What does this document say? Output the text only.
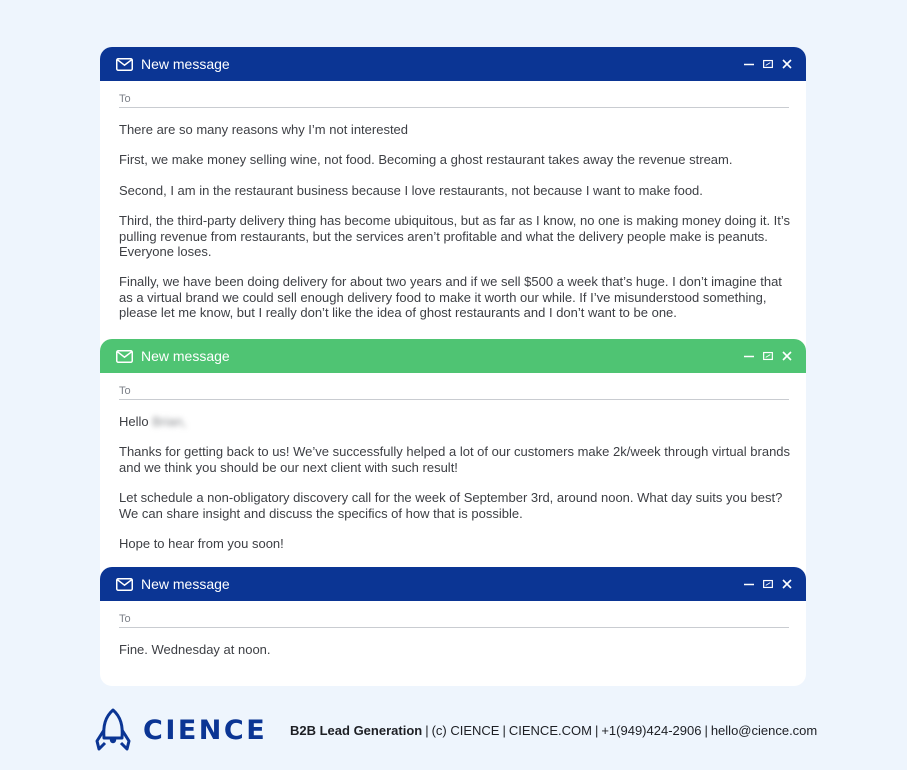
New message
To

There are so many reasons why I’m not interested

First, we make money selling wine, not food. Becoming a ghost restaurant takes away the revenue stream.

Second, I am in the restaurant business because I love restaurants, not because I want to make food.

Third, the third-party delivery thing has become ubiquitous, but as far as I know, no one is making money doing it. It’s pulling revenue from restaurants, but the services aren’t profitable and what the delivery people make is peanuts. Everyone loses.

Finally, we have been doing delivery for about two years and if we sell $500 a week that’s huge. I don’t imagine that as a virtual brand we could sell enough delivery food to make it worth our while. If I’ve misunderstood something, please let me know, but I really don’t like the idea of ghost restaurants and I don’t want to be one.

New message
To

Hello Brian,

Thanks for getting back to us! We’ve successfully helped a lot of our customers make 2k/week through virtual brands and we think you should be our next client with such result!

Let schedule a non-obligatory discovery call for the week of September 3rd, around noon. What day suits you best? We can share insight and discuss the specifics of how that is possible.

Hope to hear from you soon!

New message
To

Fine. Wednesday at noon.

CIENCE B2B Lead Generation | (c) CIENCE | CIENCE.COM | +1(949)424-2906 | hello@cience.com
